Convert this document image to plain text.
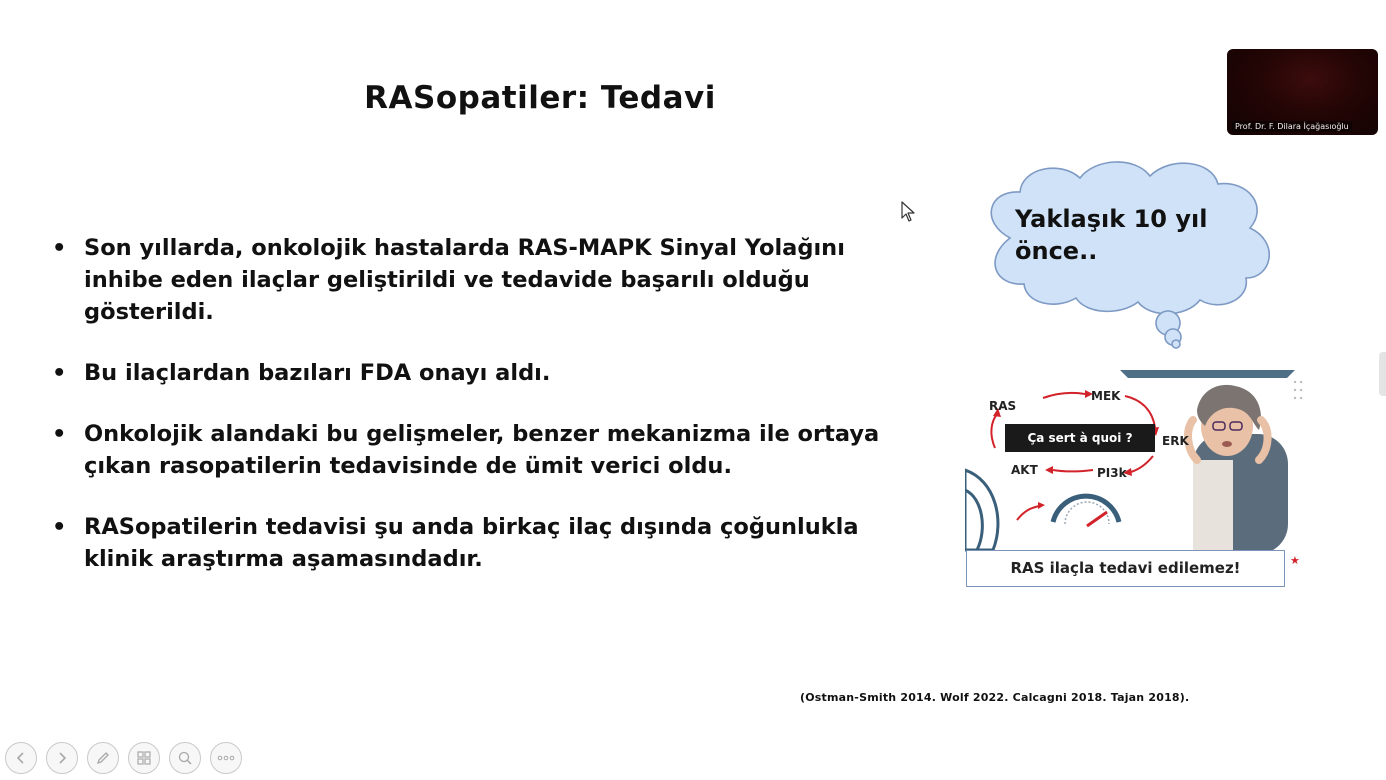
RASopatiler: Tedavi
• Son yıllarda, onkolojik hastalarda RAS-MAPK Sinyal Yolağını inhibe eden ilaçlar geliştirildi ve tedavide başarılı olduğu gösterildi.
• Bu ilaçlardan bazıları FDA onayı aldı.
• Onkolojik alandaki bu gelişmeler, benzer mekanizma ile ortaya çıkan rasopatilerin tedavisinde de ümit verici oldu.
• RASopatilerin tedavisi şu anda birkaç ilaç dışında çoğunlukla klinik araştırma aşamasındadır.
Yaklaşık 10 yıl önce..
Prof. Dr. F. Dilara İçağasıoğlu
RAS
MEK
ERK
AKT	PI3k
Ça sert à quoi ?
RAS ilaçla tedavi edilemez!	★
(Ostman-Smith 2014. Wolf 2022. Calcagni 2018. Tajan 2018).
